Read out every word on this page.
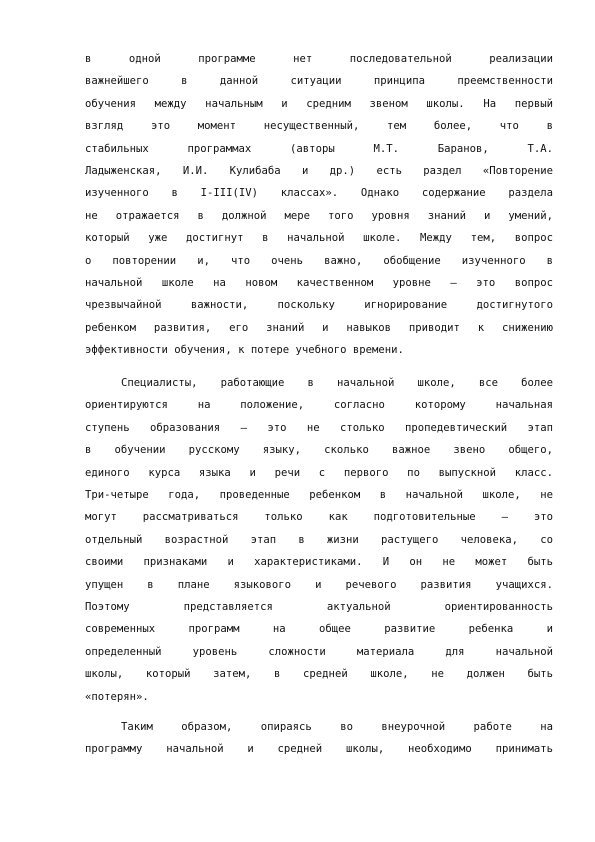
в одной программе нет последовательной реализации
важнейшего в данной ситуации принципа преемственности
обучения между начальным и средним звеном школы. На первый
взгляд это момент несущественный, тем более, что в
стабильных программах (авторы М.Т. Баранов, Т.А.
Ладыженская, И.И. Кулибаба и др.) есть раздел «Повторение
изученного в I-III(IV) классах». Однако содержание раздела
не отражается в должной мере того уровня знаний и умений,
который уже достигнут в начальной школе. Между тем, вопрос
о повторении и, что очень важно, обобщение изученного в
начальной школе на новом качественном уровне – это вопрос
чрезвычайной важности, поскольку игнорирование достигнутого
ребенком развития, его знаний и навыков приводит к снижению
эффективности обучения, к потере учебного времени.
Специалисты, работающие в начальной школе, все более
ориентируются на положение, согласно которому начальная
ступень образования – это не столько пропедевтический этап
в обучении русскому языку, сколько важное звено общего,
единого курса языка и речи с первого по выпускной класс.
Три-четыре года, проведенные ребенком в начальной школе, не
могут рассматриваться только как подготовительные – это
отдельный возрастной этап в жизни растущего человека, со
своими признаками и характеристиками. И он не может быть
упущен в плане языкового и речевого развития учащихся.
Поэтому представляется актуальной ориентированность
современных программ на общее развитие ребенка и
определенный уровень сложности материала для начальной
школы, который затем, в средней школе, не должен быть
«потерян».
Таким образом, опираясь во внеурочной работе на
программу начальной и средней школы, необходимо принимать
